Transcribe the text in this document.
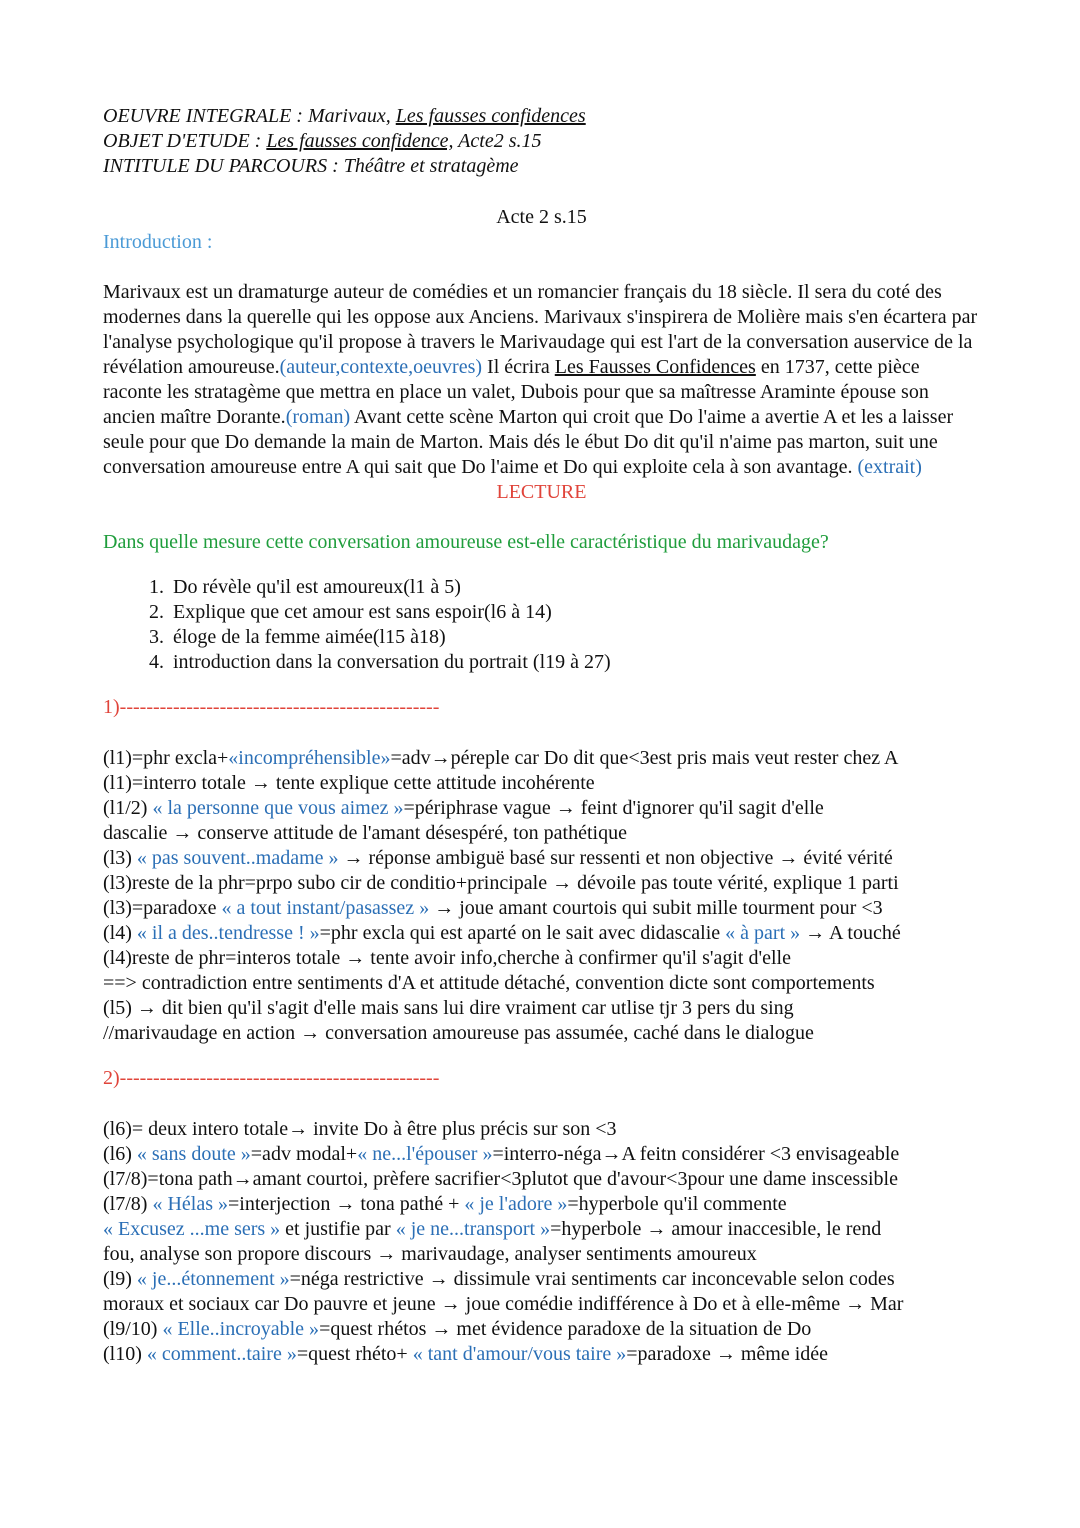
OEUVRE INTEGRALE : Marivaux, Les fausses confidences
OBJET D'ETUDE : Les fausses confidence, Acte2 s.15
INTITULE DU PARCOURS : Théâtre et stratagème
Acte 2 s.15
Introduction :

Marivaux est un dramaturge auteur de comédies et un romancier français du 18 siècle. Il sera du coté des modernes dans la querelle qui les oppose aux Anciens. Marivaux s'inspirera de Molière mais s'en écartera par l'analyse psychologique qu'il propose à travers le Marivaudage qui est l'art de la conversation auservice de la révélation amoureuse.(auteur,contexte,oeuvres) Il écrira Les Fausses Confidences en 1737, cette pièce raconte les stratagème que mettra en place un valet, Dubois pour que sa maîtresse Araminte épouse son ancien maître Dorante.(roman) Avant cette scène Marton qui croit que Do l'aime a avertie A et les a laisser seule pour que Do demande la main de Marton. Mais dés le ébut Do dit qu'il n'aime pas marton, suit une conversation amoureuse entre A qui sait que Do l'aime et Do qui exploite cela à son avantage. (extrait)

LECTURE
Dans quelle mesure cette conversation amoureuse est-elle caractéristique du marivaudage?
1. Do révèle qu'il est amoureux(l1 à 5)
2. Explique que cet amour est sans espoir(l6 à 14)
3. éloge de la femme aimée(l15 à18)
4. introduction dans la conversation du portrait (l19 à 27)
1)------------------------------------------------
(l1)=phr excla+«incompréhensible»=adv→péreple car Do dit que<3est pris mais veut rester chez A
(l1)=interro totale → tente explique cette attitude incohérente
(l1/2) « la personne que vous aimez »=périphrase vague → feint d'ignorer qu'il sagit d'elle
dascalie → conserve attitude de l'amant désespéré, ton pathétique
(l3) « pas souvent..madame » → réponse ambiguë basé sur ressenti et non objective → évité vérité
(l3)reste de la phr=prpo subo cir de conditio+principale → dévoile pas toute vérité, explique 1 parti
(l3)=paradoxe « a tout instant/pasassez » → joue amant courtois qui subit mille tourment pour <3
(l4) « il a des..tendresse ! »=phr excla qui est aparté on le sait avec didascalie « à part » → A touché
(l4)reste de phr=interos totale → tente avoir info,cherche à confirmer qu'il s'agit d'elle
==> contradiction entre sentiments d'A et attitude détaché, convention dicte sont comportements
(l5) → dit bien qu'il s'agit d'elle mais sans lui dire vraiment car utlise tjr 3 pers du sing
//marivaudage en action → conversation amoureuse pas assumée, caché dans le dialogue
2)------------------------------------------------
(l6)= deux intero totale→ invite Do à être plus précis sur son <3
(l6) « sans doute »=adv modal+« ne...l'épouser »=interro-néga→A feitn considérer <3 envisageable
(l7/8)=tona path→amant courtoi, prèfere sacrifier<3plutot que d'avour<3pour une dame inscessible
(l7/8) « Hélas »=interjection → tona pathé + « je l'adore »=hyperbole qu'il commente
« Excusez ...me sers » et justifie par « je ne...transport »=hyperbole → amour inaccesible, le rend
fou, analyse son propore discours → marivaudage, analyser sentiments amoureux
(l9) « je...étonnement »=néga restrictive → dissimule vrai sentiments car inconcevable selon codes
moraux et sociaux car Do pauvre et jeune → joue comédie indifférence à Do et à elle-même → Mar
(l9/10) « Elle..incroyable »=quest rhétos → met évidence paradoxe de la situation de Do
(l10) « comment..taire »=quest rhéto+ « tant d'amour/vous taire »=paradoxe → même idée
